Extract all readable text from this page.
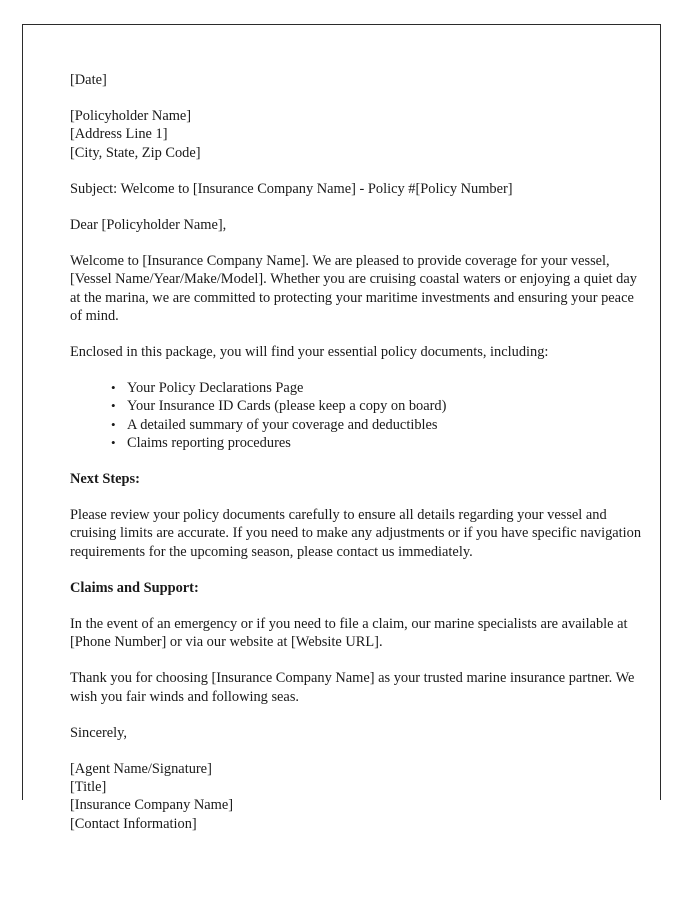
[Date]
[Policyholder Name]
[Address Line 1]
[City, State, Zip Code]
Subject: Welcome to [Insurance Company Name] - Policy #[Policy Number]
Dear [Policyholder Name],

Welcome to [Insurance Company Name]. We are pleased to provide coverage for your vessel, [Vessel Name/Year/Make/Model]. Whether you are cruising coastal waters or enjoying a quiet day at the marina, we are committed to protecting your maritime investments and ensuring your peace of mind.

Enclosed in this package, you will find your essential policy documents, including:

• Your Policy Declarations Page
• Your Insurance ID Cards (please keep a copy on board)
• A detailed summary of your coverage and deductibles
• Claims reporting procedures

Next Steps:

Please review your policy documents carefully to ensure all details regarding your vessel and cruising limits are accurate. If you need to make any adjustments or if you have specific navigation requirements for the upcoming season, please contact us immediately.

Claims and Support:

In the event of an emergency or if you need to file a claim, our marine specialists are available at [Phone Number] or via our website at [Website URL].

Thank you for choosing [Insurance Company Name] as your trusted marine insurance partner. We wish you fair winds and following seas.

Sincerely,
[Agent Name/Signature]
[Title]
[Insurance Company Name]
[Contact Information]
